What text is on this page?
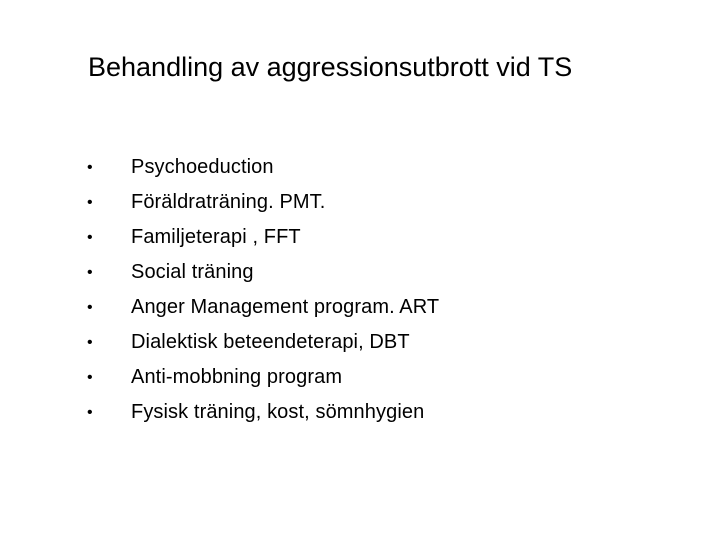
Behandling av aggressionsutbrott vid TS
•	Psychoeduction
•	Föräldraträning. PMT.
•	Familjeterapi , FFT
•	Social träning
•	Anger Management program. ART
•	Dialektisk beteendeterapi, DBT
•	Anti-mobbning program
•	Fysisk träning, kost, sömnhygien
